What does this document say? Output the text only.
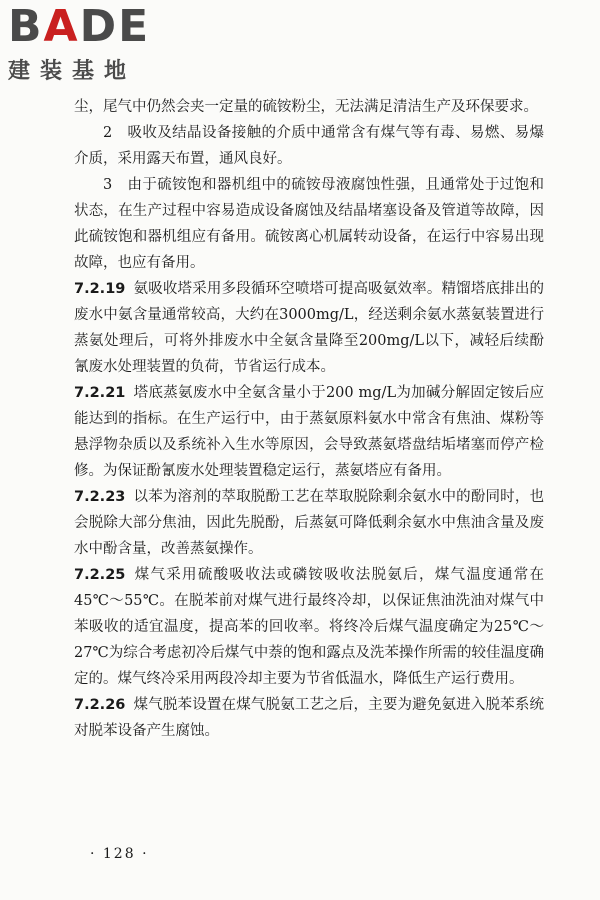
BADE
建装基地

尘，尾气中仍然会夹一定量的硫铵粉尘，无法满足清洁生产及环保要求。

2　吸收及结晶设备接触的介质中通常含有煤气等有毒、易燃、易爆介质，采用露天布置，通风良好。

3　由于硫铵饱和器机组中的硫铵母液腐蚀性强，且通常处于过饱和状态，在生产过程中容易造成设备腐蚀及结晶堵塞设备及管道等故障，因此硫铵饱和器机组应有备用。硫铵离心机属转动设备，在运行中容易出现故障，也应有备用。

7.2.19 氨吸收塔采用多段循环空喷塔可提高吸氨效率。精馏塔底排出的废水中氨含量通常较高，大约在3000mg/L，经送剩余氨水蒸氨装置进行蒸氨处理后，可将外排废水中全氨含量降至200mg/L以下，减轻后续酚氰废水处理装置的负荷，节省运行成本。

7.2.21 塔底蒸氨废水中全氨含量小于200 mg/L为加碱分解固定铵后应能达到的指标。在生产运行中，由于蒸氨原料氨水中常含有焦油、煤粉等悬浮物杂质以及系统补入生水等原因，会导致蒸氨塔盘结垢堵塞而停产检修。为保证酚氰废水处理装置稳定运行，蒸氨塔应有备用。

7.2.23 以苯为溶剂的萃取脱酚工艺在萃取脱除剩余氨水中的酚同时，也会脱除大部分焦油，因此先脱酚，后蒸氨可降低剩余氨水中焦油含量及废水中酚含量，改善蒸氨操作。

7.2.25 煤气采用硫酸吸收法或磷铵吸收法脱氨后，煤气温度通常在45℃～55℃。在脱苯前对煤气进行最终冷却，以保证焦油洗油对煤气中苯吸收的适宜温度，提高苯的回收率。将终冷后煤气温度确定为25℃～27℃为综合考虑初冷后煤气中萘的饱和露点及洗苯操作所需的较佳温度确定的。煤气终冷采用两段冷却主要为节省低温水，降低生产运行费用。

7.2.26 煤气脱苯设置在煤气脱氨工艺之后，主要为避免氨进入脱苯系统对脱苯设备产生腐蚀。

· 128 ·
